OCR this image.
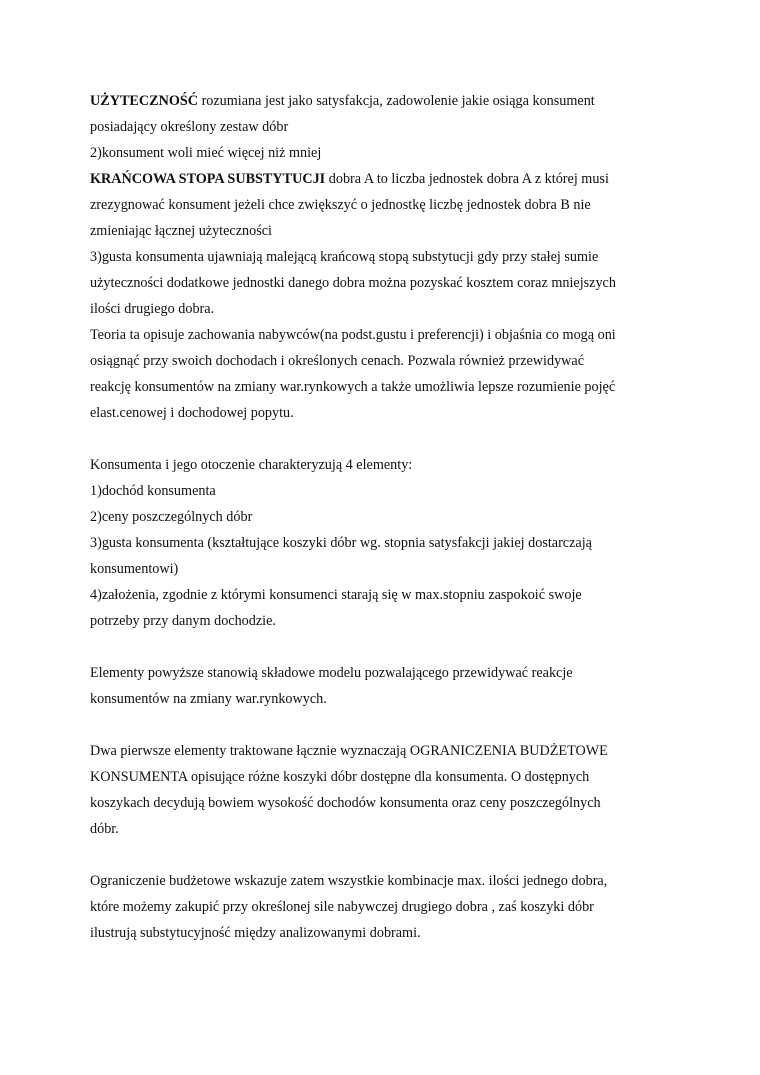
UŻYTECZNOŚĆ rozumiana jest jako satysfakcja, zadowolenie jakie osiąga konsument

posiadający określony zestaw dóbr

2)konsument woli mieć więcej niż mniej

KRAŃCOWA STOPA SUBSTYTUCJI dobra A to liczba jednostek dobra A z której musi

zrezygnować konsument jeżeli chce zwiększyć o jednostkę liczbę jednostek dobra B nie

zmieniając łącznej użyteczności

3)gusta konsumenta ujawniają malejącą krańcową stopą substytucji gdy przy stałej sumie

użyteczności dodatkowe jednostki danego dobra można pozyskać kosztem coraz mniejszych

ilości drugiego dobra.

Teoria ta opisuje zachowania nabywców(na podst.gustu i preferencji) i objaśnia co mogą oni

osiągnąć przy swoich dochodach i określonych cenach. Pozwala również przewidywać

reakcję konsumentów na zmiany war.rynkowych a także umożliwia lepsze rozumienie pojęć

elast.cenowej i dochodowej popytu.

Konsumenta i jego otoczenie charakteryzują 4 elementy:

1)dochód konsumenta

2)ceny poszczególnych dóbr

3)gusta konsumenta (kształtujące koszyki dóbr wg. stopnia satysfakcji jakiej dostarczają

konsumentowi)

4)założenia, zgodnie z którymi konsumenci starają się w max.stopniu zaspokoić swoje

potrzeby przy danym dochodzie.

Elementy powyższe stanowią składowe modelu pozwalającego przewidywać reakcje

konsumentów na zmiany war.rynkowych.

Dwa pierwsze elementy traktowane łącznie wyznaczają OGRANICZENIA BUDŻETOWE

KONSUMENTA opisujące różne koszyki dóbr dostępne dla konsumenta. O dostępnych

koszykach decydują bowiem wysokość dochodów konsumenta oraz ceny poszczególnych

dóbr.

Ograniczenie budżetowe wskazuje zatem wszystkie kombinacje max. ilości jednego dobra,

które możemy zakupić przy określonej sile nabywczej drugiego dobra , zaś koszyki dóbr

ilustrują substytucyjność między analizowanymi dobrami.
